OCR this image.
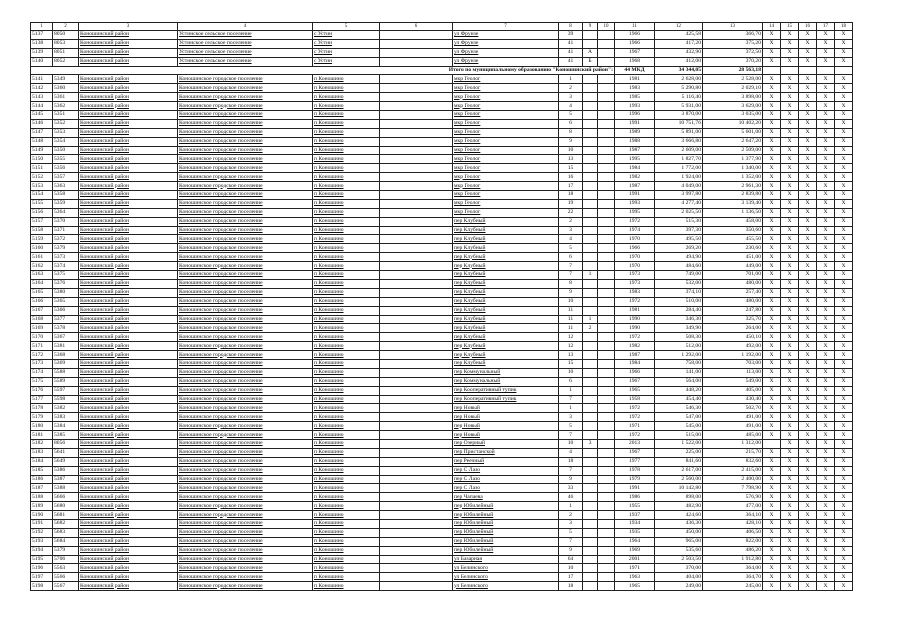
1	2	3	4	5	6	7	8	9	10	11	12	13	14	15	16	17	18
5137	8050	Коношинский район	Устинское сельское поселение	с Устин		ул Фрунзе	39			1966	425,58	366,70	X	X	X	X	X
5138	8053	Коношинский район	Устинское сельское поселение	с Устин		ул Фрунзе	41			1966	417,20	375,20	X	X	X	X	X
5139	8051	Коношинский район	Устинское сельское поселение	с Устин		ул Фрунзе	41	А		1967	432,90	372,50	X	X	X	X	X
5140	8052	Коношинский район	Устинское сельское поселение	с Устин		ул Фрунзе	41	Б		1968	412,00	370,20	X	X	X	X	X
Итого по муниципальному образованию "Коношинский район":										44 МКД	34 344,05	28 563,18					
5141	5349	Коношинский район	Коношинское городское поселение	п Коношино		мкр Геолог	1			1981	2 628,00	2 528,00	X	X	X	X	X
5142	5360	Коношинский район	Коношинское городское поселение	п Коношино		мкр Геолог	2			1983	5 290,80	2 029,10	X	X	X	X	X
5143	5361	Коношинский район	Коношинское городское поселение	п Коношино		мкр Геолог	3			1985	5 116,40	3 898,00	X	X	X	X	X
5144	5362	Коношинский район	Коношинское городское поселение	п Коношино		мкр Геолог	4			1993	5 931,00	3 629,00	X	X	X	X	X
5145	5351	Коношинский район	Коношинское городское поселение	п Коношино		мкр Геолог	5			1996	3 870,00	3 035,00	X	X	X	X	X
5146	5352	Коношинский район	Коношинское городское поселение	п Коношино		мкр Геолог	6			1991	10 751,76	10 402,20	X	X	X	X	X
5147	5353	Коношинский район	Коношинское городское поселение	п Коношино		мкр Геолог	8			1989	5 891,00	5 601,00	X	X	X	X	X
5148	5354	Коношинский район	Коношинское городское поселение	п Коношино		мкр Геолог	9			1988	3 666,80	2 647,20	X	X	X	X	X
5149	5350	Коношинский район	Коношинское городское поселение	п Коношино		мкр Геолог	10			1987	2 609,00	2 509,00	X	X	X	X	X
5150	5355	Коношинский район	Коношинское городское поселение	п Коношино		мкр Геолог	13			1995	1 827,70	1 377,90	X	X	X	X	X
5151	5356	Коношинский район	Коношинское городское поселение	п Коношино		мкр Геолог	15			1984	1 772,00	1 340,00	X	X	X	X	X
5152	5357	Коношинский район	Коношинское городское поселение	п Коношино		мкр Геолог	16			1982	1 924,00	1 352,00	X	X	X	X	X
5153	5363	Коношинский район	Коношинское городское поселение	п Коношино		мкр Геолог	17			1987	4 049,00	2 961,30	X	X	X	X	X
5154	5358	Коношинский район	Коношинское городское поселение	п Коношино		мкр Геолог	18			1991	3 997,80	2 839,80	X	X	X	X	X
5155	5359	Коношинский район	Коношинское городское поселение	п Коношино		мкр Геолог	19			1993	4 277,40	3 139,40	X	X	X	X	X
5156	5364	Коношинский район	Коношинское городское поселение	п Коношино		мкр Геолог	22			1995	2 025,50	1 136,50	X	X	X	X	X
5157	5370	Коношинский район	Коношинское городское поселение	п Коношино		пер Клубный	2			1972	515,30	458,00	X	X	X	X	X
5158	5371	Коношинский район	Коношинское городское поселение	п Коношино		пер Клубный	3			1974	397,30	350,60	X	X	X	X	X
5159	5372	Коношинский район	Коношинское городское поселение	п Коношино		пер Клубный	4			1970	495,50	455,50	X	X	X	X	X
5160	5379	Коношинский район	Коношинское городское поселение	п Коношино		пер Клубный	5			1966	269,20	230,60	X	X	X	X	X
5161	5373	Коношинский район	Коношинское городское поселение	п Коношино		пер Клубный	6			1970	494,90	451,00	X	X	X	X	X
5162	5374	Коношинский район	Коношинское городское поселение	п Коношино		пер Клубный	7			1970	484,60	449,00	X	X	X	X	X
5163	5375	Коношинский район	Коношинское городское поселение	п Коношино		пер Клубный	7	1		1973	749,00	701,00	X	X	X	X	X
5164	5376	Коношинский район	Коношинское городское поселение	п Коношино		пер Клубный	8			1973	532,00	480,00	X	X	X	X	X
5165	5380	Коношинский район	Коношинское городское поселение	п Коношино		пер Клубный	9			1983	374,10	257,40	X	X	X	X	X
5166	5365	Коношинский район	Коношинское городское поселение	п Коношино		пер Клубный	10			1972	510,00	480,00	X	X	X	X	X
5167	5366	Коношинский район	Коношинское городское поселение	п Коношино		пер Клубный	11			1981	284,40	247,80	X	X	X	X	X
5168	5377	Коношинский район	Коношинское городское поселение	п Коношино		пер Клубный	11	1		1990	346,30	325,70	X	X	X	X	X
5169	5378	Коношинский район	Коношинское городское поселение	п Коношино		пер Клубный	11	2		1990	349,90	264,00	X	X	X	X	X
5170	5367	Коношинский район	Коношинское городское поселение	п Коношино		пер Клубный	12			1972	508,30	450,10	X	X	X	X	X
5171	5381	Коношинский район	Коношинское городское поселение	п Коношино		пер Клубный	12			1982	512,00	492,00	X	X	X	X	X
5172	5368	Коношинский район	Коношинское городское поселение	п Коношино		пер Клубный	13			1987	1 292,00	1 192,00	X	X	X	X	X
5173	5369	Коношинский район	Коношинское городское поселение	п Коношино		пер Клубный	15			1984	758,00	703,00	X	X	X	X	X
5174	5588	Коношинский район	Коношинское городское поселение	п Коношино		пер Коммунальный	10			1966	141,00	113,00	X	X	X	X	X
5175	5589	Коношинский район	Коношинское городское поселение	п Коношино		пер Коммунальный	6			1967	564,00	549,00	X	X	X	X	X
5176	5597	Коношинский район	Коношинское городское поселение	п Коношино		пер Кооперативный тупик	1			1965	448,20	405,00	X	X	X	X	X
5177	5598	Коношинский район	Коношинское городское поселение	п Коношино		пер Кооперативный тупик	7			1958	454,40	430,40	X	X	X	X	X
5178	5382	Коношинский район	Коношинское городское поселение	п Коношино		пер Новый	1			1972	546,30	502,70	X	X	X	X	X
5179	5383	Коношинский район	Коношинское городское поселение	п Коношино		пер Новый	3			1972	547,00	491,00	X	X	X	X	X
5180	5384	Коношинский район	Коношинское городское поселение	п Коношино		пер Новый	5			1971	545,00	491,00	X	X	X	X	X
5181	5385	Коношинский район	Коношинское городское поселение	п Коношино		пер Новый	7			1972	515,00	485,00	X	X	X	X	X
5182	8056	Коношинский район	Коношинское городское поселение	п Коношино		пер Озерный	10	3		2013	1 522,00	1 312,00		X	X	X	X
5183	5641	Коношинский район	Коношинское городское поселение	п Коношино		пер Пристанской	4			1967	225,00	215,70	X	X	X	X	X
5184	5649	Коношинский район	Коношинское городское поселение	п Коношино		пер Реечный	18			1977	841,60	832,60	X	X	X	X	X
5185	5386	Коношинский район	Коношинское городское поселение	п Коношино		пер С Лазо	7			1978	2 617,00	2 415,00	X	X	X	X	X
5186	5387	Коношинский район	Коношинское городское поселение	п Коношино		пер С Лазо	9			1979	2 560,00	2 400,00	X	X	X	X	X
5187	5388	Коношинский район	Коношинское городское поселение	п Коношино		пер С Лазо	33			1991	10 142,80	7 798,90	X	X	X	X	X
5188	5666	Коношинский район	Коношинское городское поселение	п Коношино		пер Чапаева	46			1986	898,00	576,90	X	X	X	X	X
5189	5680	Коношинский район	Коношинское городское поселение	п Коношино		пер Юбилейный	1			1955	482,90	477,00	X	X	X	X	X
5190	5681	Коношинский район	Коношинское городское поселение	п Коношино		пер Юбилейный	2			1937	424,60	364,10	X	X	X	X	X
5191	5682	Коношинский район	Коношинское городское поселение	п Коношино		пер Юбилейный	3			1934	436,30	428,10	X	X	X	X	X
5192	5683	Коношинский район	Коношинское городское поселение	п Коношино		пер Юбилейный	5			1935	450,00	406,50	X	X	X	X	X
5193	5684	Коношинский район	Коношинское городское поселение	п Коношино		пер Юбилейный	7			1964	965,00	822,00	X	X	X	X	X
5194	5379	Коношинский район	Коношинское городское поселение	п Коношино		пер Юбилейный	9			1969	535,60	486,20	X	X	X	X	X
5195	5706	Коношинский район	Коношинское городское поселение	п Коношино		ул Базарная	64			2001	2 503,50	1 912,80	X	X	X	X	X
5196	5563	Коношинский район	Коношинское городское поселение	п Коношино		ул Белинского	10			1971	370,00	364,00	X	X	X	X	X
5197	5566	Коношинский район	Коношинское городское поселение	п Коношино		ул Белинского	17			1963	404,00	364,70	X	X	X	X	X
5198	5567	Коношинский район	Коношинское городское поселение	п Коношино		ул Белинского	18			1965	249,00	245,00	X	X	X	X	X
